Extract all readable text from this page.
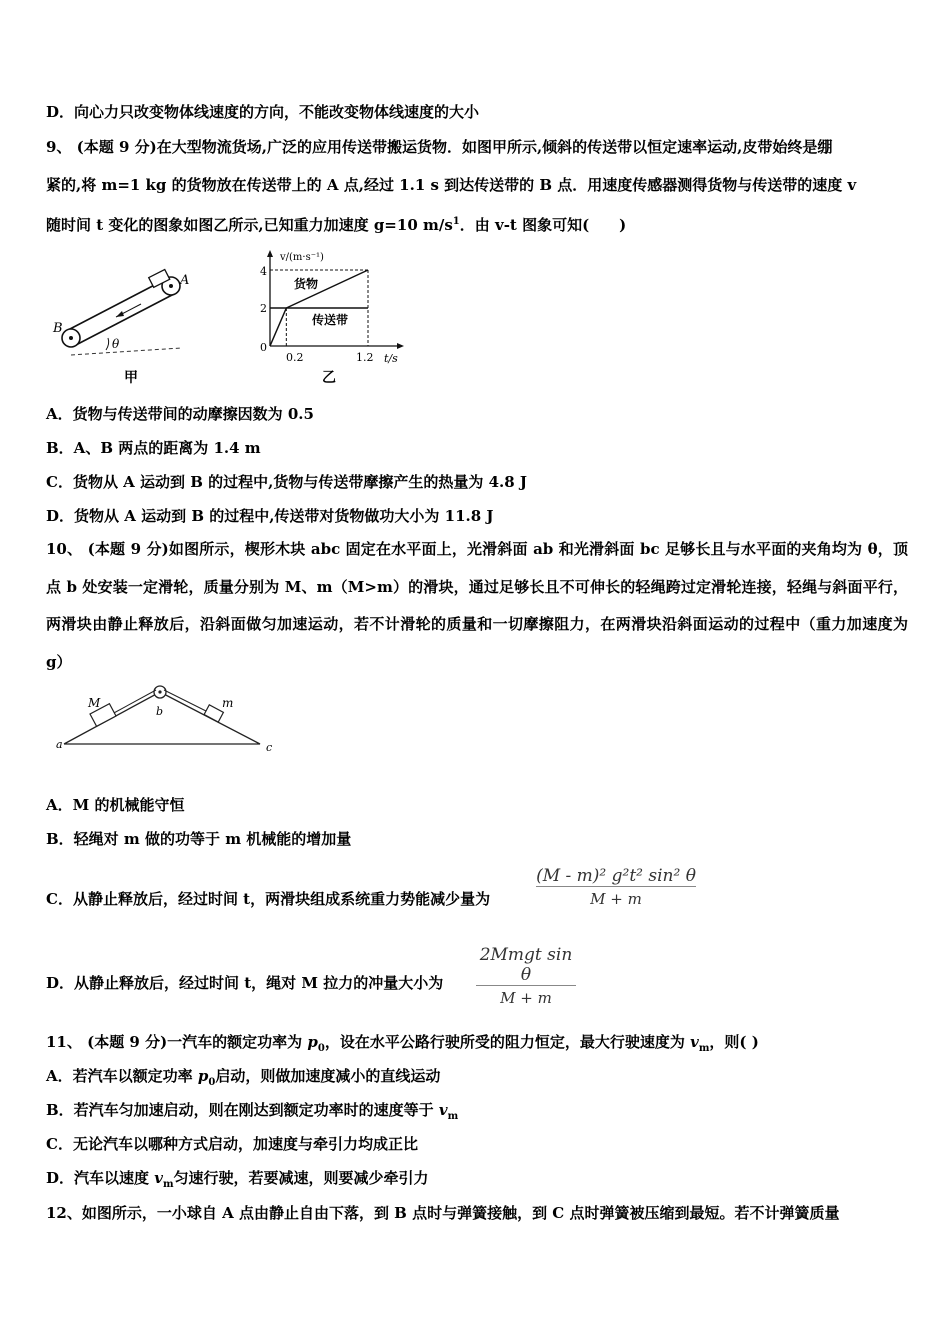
D．向心力只改变物体线速度的方向，不能改变物体线速度的大小
9、 (本题 9 分)在大型物流货场,广泛的应用传送带搬运货物．如图甲所示,倾斜的传送带以恒定速率运动,皮带始终是绷
紧的,将 m=1 kg 的货物放在传送带上的 A 点,经过 1.1 s 到达传送带的 B 点．用速度传感器测得货物与传送带的速度 v
随时间 t 变化的图象如图乙所示,已知重力加速度 g=10 $m/s^1$．由 v-t 图象可知(　　)
θ
A
B
甲
v/(m·s⁻¹)
t/s
4
2
0
0.2	1.2
货物
传送带
乙
A．货物与传送带间的动摩擦因数为 0.5
B．A、B 两点的距离为 1.4 m
C．货物从 A 运动到 B 的过程中,货物与传送带摩擦产生的热量为 4.8 J
D．货物从 A 运动到 B 的过程中,传送带对货物做功大小为 11.8 J
10、 (本题 9 分)如图所示，楔形木块 abc 固定在水平面上，光滑斜面 ab 和光滑斜面 bc 足够长且与水平面的夹角均为 θ，顶点 b 处安装一定滑轮，质量分别为 M、m（M>m）的滑块，通过足够长且不可伸长的轻绳跨过定滑轮连接，轻绳与斜面平行，两滑块由静止释放后，沿斜面做匀加速运动，若不计滑轮的质量和一切摩擦阻力，在两滑块沿斜面运动的过程中（重力加速度为 g）
M	m
b
a	c
A．M 的机械能守恒
B．轻绳对 m 做的功等于 m 机械能的增加量
C．从静止释放后，经过时间 t，两滑块组成系统重力势能减少量为	$\frac{\text{(M - m)² g²t² sin² θ}}{M + m}$
D．从静止释放后，经过时间 t，绳对 M 拉力的冲量大小为
2Mmgt sin θ
M + m
11、 (本题 9 分)一汽车的额定功率为 $p_0$，设在水平公路行驶所受的阻力恒定，最大行驶速度为 $v_m$，则( )
A．若汽车以额定功率 $p_0$启动，则做加速度减小的直线运动
B．若汽车匀加速启动，则在刚达到额定功率时的速度等于 $v_m$
C．无论汽车以哪种方式启动，加速度与牵引力均成正比
D．汽车以速度 $v_m$匀速行驶，若要减速，则要减少牵引力
12、如图所示，一小球自 A 点由静止自由下落，到 B 点时与弹簧接触，到 C 点时弹簧被压缩到最短。若不计弹簧质量
